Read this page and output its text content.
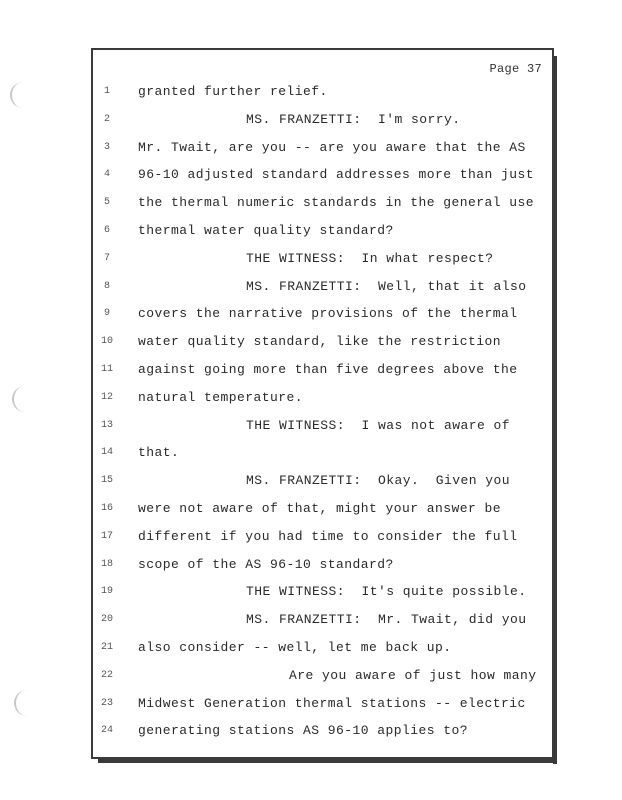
Page 37
1	granted further relief.
2	MS. FRANZETTI:  I'm sorry.
3	Mr. Twait, are you -- are you aware that the AS
4	96-10 adjusted standard addresses more than just
5	the thermal numeric standards in the general use
6	thermal water quality standard?
7	THE WITNESS:  In what respect?
8	MS. FRANZETTI:  Well, that it also
9	covers the narrative provisions of the thermal
10	water quality standard, like the restriction
11	against going more than five degrees above the
12	natural temperature.
13	THE WITNESS:  I was not aware of
14	that.
15	MS. FRANZETTI:  Okay.  Given you
16	were not aware of that, might your answer be
17	different if you had time to consider the full
18	scope of the AS 96-10 standard?
19	THE WITNESS:  It's quite possible.
20	MS. FRANZETTI:  Mr. Twait, did you
21	also consider -- well, let me back up.
22	Are you aware of just how many
23	Midwest Generation thermal stations -- electric
24	generating stations AS 96-10 applies to?
